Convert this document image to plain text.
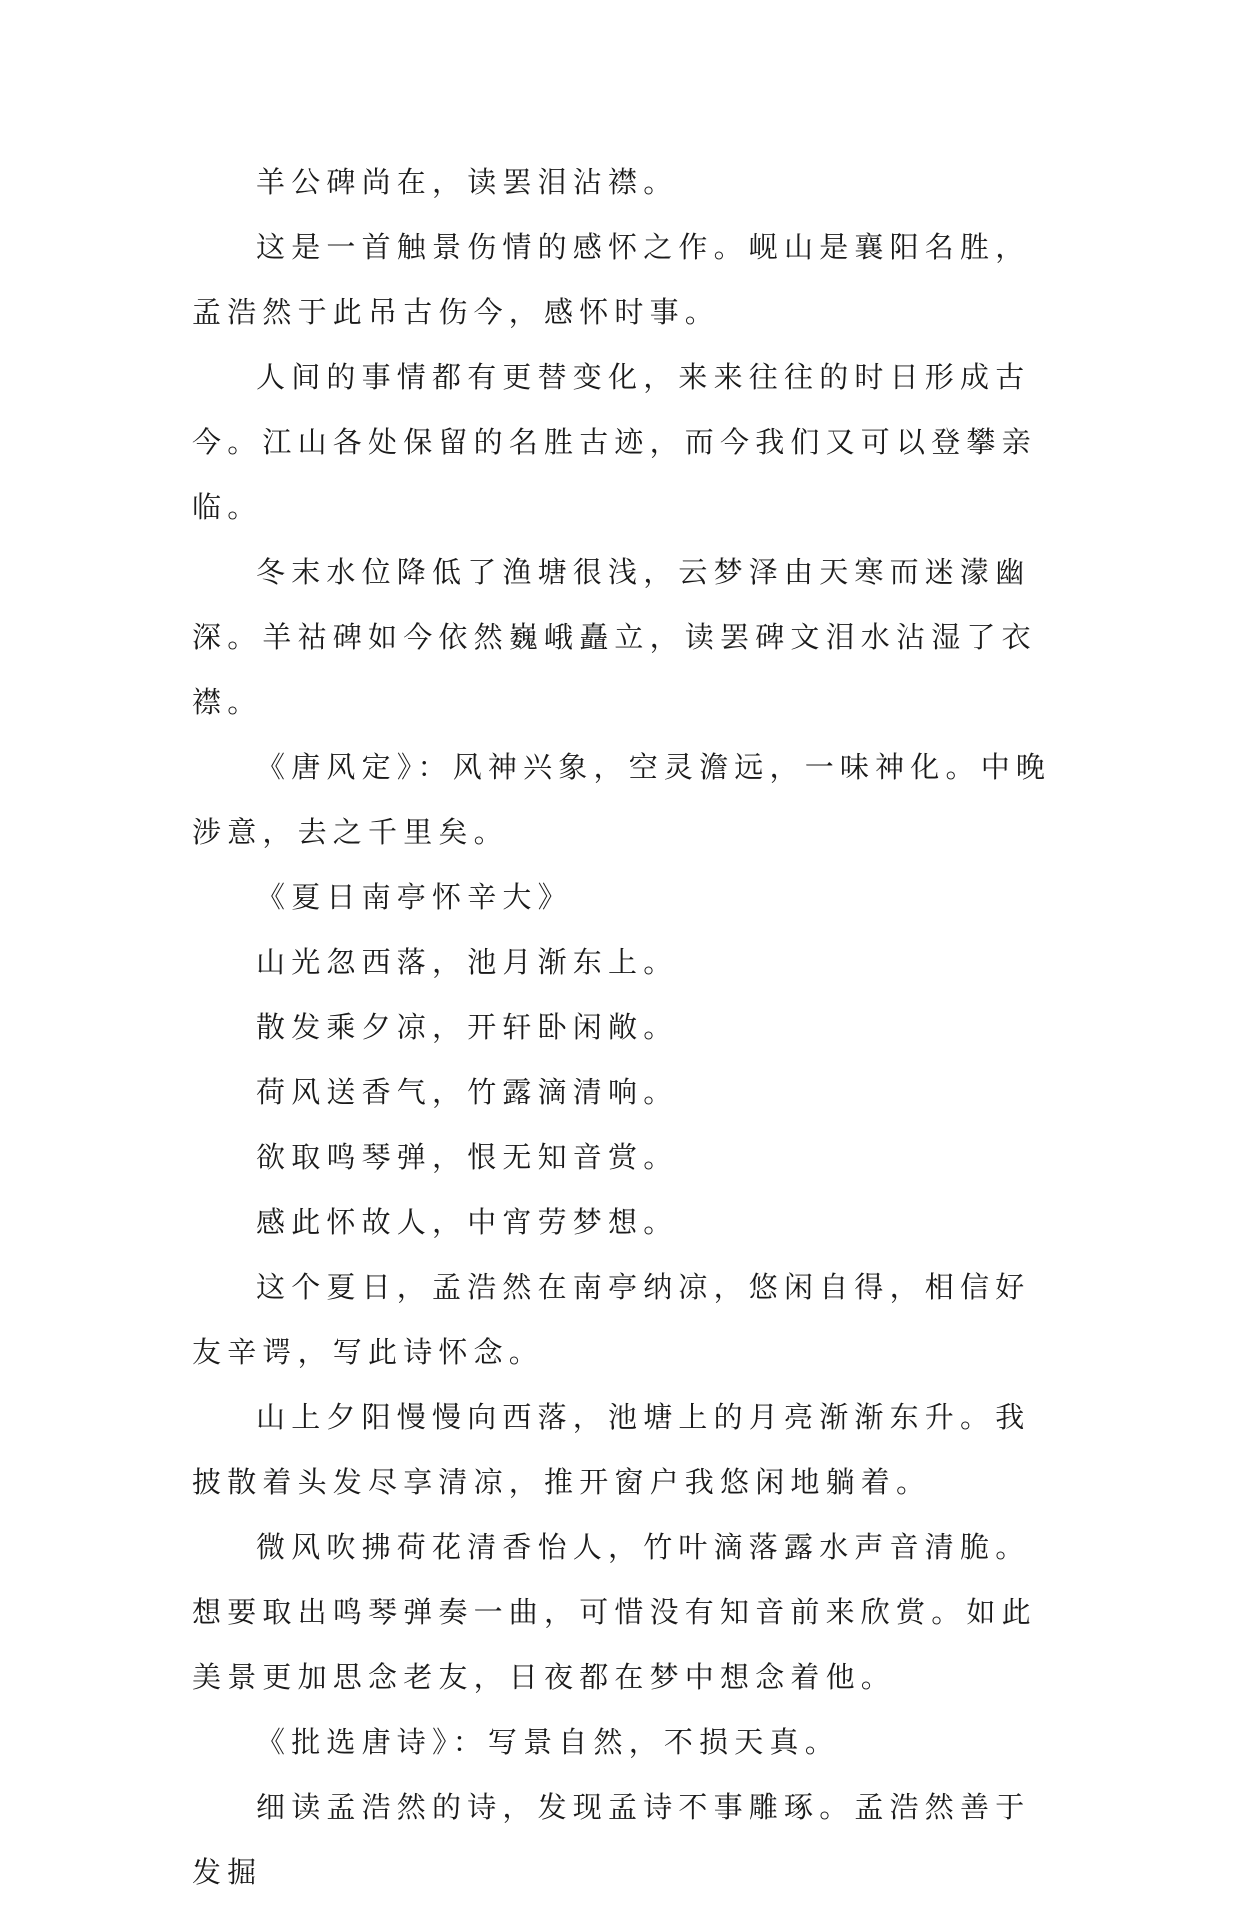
羊公碑尚在，读罢泪沾襟。

这是一首触景伤情的感怀之作。岘山是襄阳名胜，孟浩然于此吊古伤今，感怀时事。

人间的事情都有更替变化，来来往往的时日形成古今。江山各处保留的名胜古迹，而今我们又可以登攀亲临。

冬末水位降低了渔塘很浅，云梦泽由天寒而迷濛幽深。羊祜碑如今依然巍峨矗立，读罢碑文泪水沾湿了衣襟。

《唐风定》：风神兴象，空灵澹远，一味神化。中晚涉意，去之千里矣。

《夏日南亭怀辛大》

山光忽西落，池月渐东上。

散发乘夕凉，开轩卧闲敞。

荷风送香气，竹露滴清响。

欲取鸣琴弹，恨无知音赏。

感此怀故人，中宵劳梦想。

这个夏日，孟浩然在南亭纳凉，悠闲自得，相信好友辛谔，写此诗怀念。

山上夕阳慢慢向西落，池塘上的月亮渐渐东升。我披散着头发尽享清凉，推开窗户我悠闲地躺着。

微风吹拂荷花清香怡人，竹叶滴落露水声音清脆。想要取出鸣琴弹奏一曲，可惜没有知音前来欣赏。如此美景更加思念老友，日夜都在梦中想念着他。

《批选唐诗》：写景自然，不损天真。

细读孟浩然的诗，发现孟诗不事雕琢。孟浩然善于发掘
